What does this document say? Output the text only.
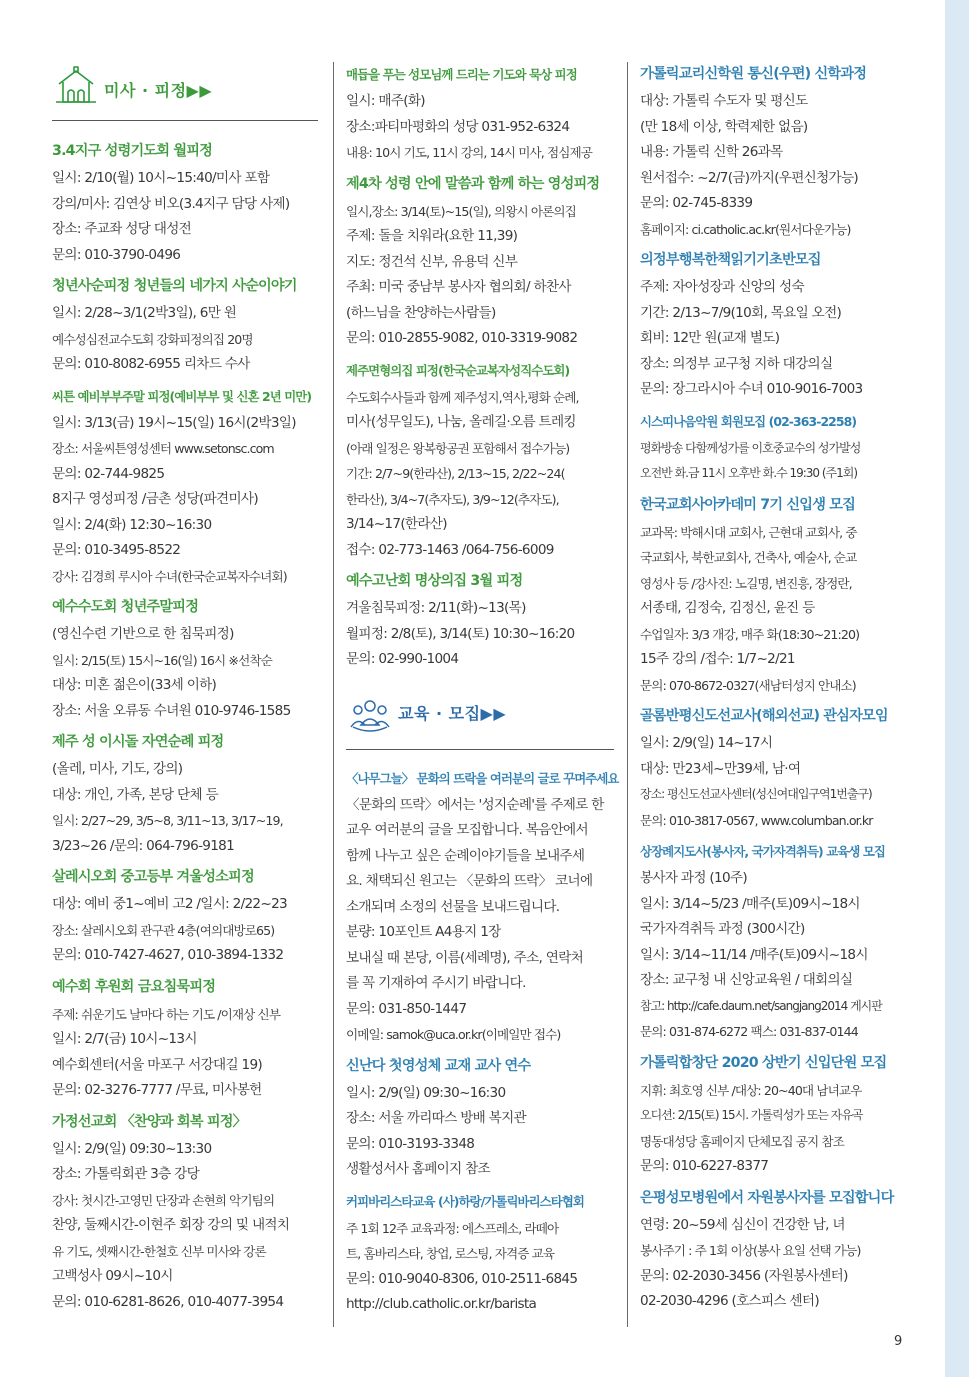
미사 · 피정▶▶
3.4지구 성령기도회 월피정
일시: 2/10(월) 10시~15:40/미사 포함
강의/미사: 김연상 비오(3.4지구 담당 사제)
장소: 주교좌 성당 대성전
문의: 010-3790-0496
청년사순피정 청년들의 네가지 사순이야기
일시: 2/28~3/1(2박3일), 6만 원
예수성심전교수도회 강화피정의집 20명
문의: 010-8082-6955 리차드 수사
씨튼 예비부부주말 피정(예비부부 및 신혼 2년 미만)
일시: 3/13(금) 19시~15(일) 16시(2박3일)
장소: 서울씨튼영성센터 www.setonsc.com
문의: 02-744-9825
8지구 영성피정 /금촌 성당(파견미사)
일시: 2/4(화) 12:30~16:30
문의: 010-3495-8522
강사: 김경희 루시아 수녀(한국순교복자수녀회)
예수수도회 청년주말피정
(영신수련 기반으로 한 침묵피정)
일시: 2/15(토) 15시~16(일) 16시 ※선착순
대상: 미혼 젊은이(33세 이하)
장소: 서울 오류동 수녀원 010-9746-1585
제주 성 이시돌 자연순례 피정
(올레, 미사, 기도, 강의)
대상: 개인, 가족, 본당 단체 등
일시: 2/27~29, 3/5~8, 3/11~13, 3/17~19,
3/23~26 /문의: 064-796-9181
살레시오회 중고등부 겨울성소피정
대상: 예비 중1~예비 고2 /일시: 2/22~23
장소: 살레시오회 관구관 4층(여의대방로65)
문의: 010-7427-4627, 010-3894-1332
예수회 후원회 금요침묵피정
주제: 쉬운기도 날마다 하는 기도 /이재상 신부
일시: 2/7(금) 10시~13시
예수회센터(서울 마포구 서강대길 19)
문의: 02-3276-7777 /무료, 미사봉헌
가정선교회 〈찬양과 회복 피정〉
일시: 2/9(일) 09:30~13:30
장소: 가톨릭회관 3층 강당
강사: 첫시간-고영민 단장과 손현희 악기팀의
찬양, 둘째시간-이현주 회장 강의 및 내적치
유 기도, 셋째시간-한철호 신부 미사와 강론
고백성사 09시~10시
문의: 010-6281-8626, 010-4077-3954
매듭을 푸는 성모님께 드리는 기도와 묵상 피정
일시: 매주(화)
장소:파티마평화의 성당 031-952-6324
내용: 10시 기도, 11시 강의, 14시 미사, 점심제공
제4차 성령 안에 말씀과 함께 하는 영성피정
일시,장소: 3/14(토)~15(일), 의왕시 아론의집
주제: 돌을 치워라(요한 11,39)
지도: 정건석 신부, 유용덕 신부
주최: 미국 중남부 봉사자 협의회/ 하찬사
(하느님을 찬양하는사람들)
문의: 010-2855-9082, 010-3319-9082
제주면형의집 피정(한국순교복자성직수도회)
수도회수사들과 함께 제주성지,역사,평화 순례,
미사(성무일도), 나눔, 올레길·오름 트레킹
(아래 일정은 왕복항공권 포함해서 접수가능)
기간: 2/7~9(한라산), 2/13~15, 2/22~24(
한라산), 3/4~7(추자도), 3/9~12(추자도),
3/14~17(한라산)
접수: 02-773-1463 /064-756-6009
예수고난회 명상의집 3월 피정
겨울침묵피정: 2/11(화)~13(목)
월피정: 2/8(토), 3/14(토) 10:30~16:20
문의: 02-990-1004
교육 · 모집▶▶
〈나무그늘〉 문화의 뜨락을 여러분의 글로 꾸며주세요
〈문화의 뜨락〉에서는 '성지순례'를 주제로 한
교우 여러분의 글을 모집합니다. 복음안에서
함께 나누고 싶은 순례이야기들을 보내주세
요. 채택되신 원고는 〈문화의 뜨락〉 코너에
소개되며 소정의 선물을 보내드립니다.
분량: 10포인트 A4용지 1장
보내실 때 본당, 이름(세례명), 주소, 연락처
를 꼭 기재하여 주시기 바랍니다.
문의: 031-850-1447
이메일: samok@uca.or.kr(이메일만 접수)
신난다 첫영성체 교재 교사 연수
일시: 2/9(일) 09:30~16:30
장소: 서울 까리따스 방배 복지관
문의: 010-3193-3348
생활성서사 홈페이지 참조
커피바리스타교육 (사)하랑/가톨릭바리스타협회
주 1회 12주 교육과정: 에스프레소, 라떼아
트, 홈바리스타, 창업, 로스팅, 자격증 교육
문의: 010-9040-8306, 010-2511-6845
http://club.catholic.or.kr/barista
가톨릭교리신학원 통신(우편) 신학과정
대상: 가톨릭 수도자 및 평신도
(만 18세 이상, 학력제한 없음)
내용: 가톨릭 신학 26과목
원서접수: ~2/7(금)까지(우편신청가능)
문의: 02-745-8339
홈페이지: ci.catholic.ac.kr(원서다운가능)
의정부행복한책읽기기초반모집
주제: 자아성장과 신앙의 성숙
기간: 2/13~7/9(10회, 목요일 오전)
회비: 12만 원(교재 별도)
장소: 의정부 교구청 지하 대강의실
문의: 장그라시아 수녀 010-9016-7003
시스띠나음악원 회원모집 (02-363-2258)
평화방송 다함께성가를 이호중교수의 성가발성
오전반 화.금 11시 오후반 화.수 19:30 (주1회)
한국교회사아카데미 7기 신입생 모집
교과목: 박해시대 교회사, 근현대 교회사, 중
국교회사, 북한교회사, 건축사, 예술사, 순교
영성사 등 /강사진: 노길명, 변진흥, 장정란,
서종태, 김정숙, 김정신, 윤진 등
수업일자: 3/3 개강, 매주 화(18:30~21:20)
15주 강의 /접수: 1/7~2/21
문의: 070-8672-0327(새남터성지 안내소)
골롬반평신도선교사(해외선교) 관심자모임
일시: 2/9(일) 14~17시
대상: 만23세~만39세, 남·여
장소: 평신도선교사센터(성신여대입구역1번출구)
문의: 010-3817-0567, www.columban.or.kr
상장례지도사(봉사자, 국가자격취득) 교육생 모집
봉사자 과정 (10주)
일시: 3/14~5/23 /매주(토)09시~18시
국가자격취득 과정 (300시간)
일시: 3/14~11/14 /매주(토)09시~18시
장소: 교구청 내 신앙교육원 / 대회의실
참고: http://cafe.daum.net/sangjang2014 게시판
문의: 031-874-6272 팩스: 031-837-0144
가톨릭합창단 2020 상반기 신입단원 모집
지휘: 최호영 신부 /대상: 20~40대 남녀교우
오디션: 2/15(토) 15시. 가톨릭성가 또는 자유곡
명동대성당 홈페이지 단체모집 공지 참조
문의: 010-6227-8377
은평성모병원에서 자원봉사자를 모집합니다
연령: 20~59세 심신이 건강한 남, 녀
봉사주기 : 주 1회 이상(봉사 요일 선택 가능)
문의: 02-2030-3456 (자원봉사센터)
02-2030-4296 (호스피스 센터)
9
